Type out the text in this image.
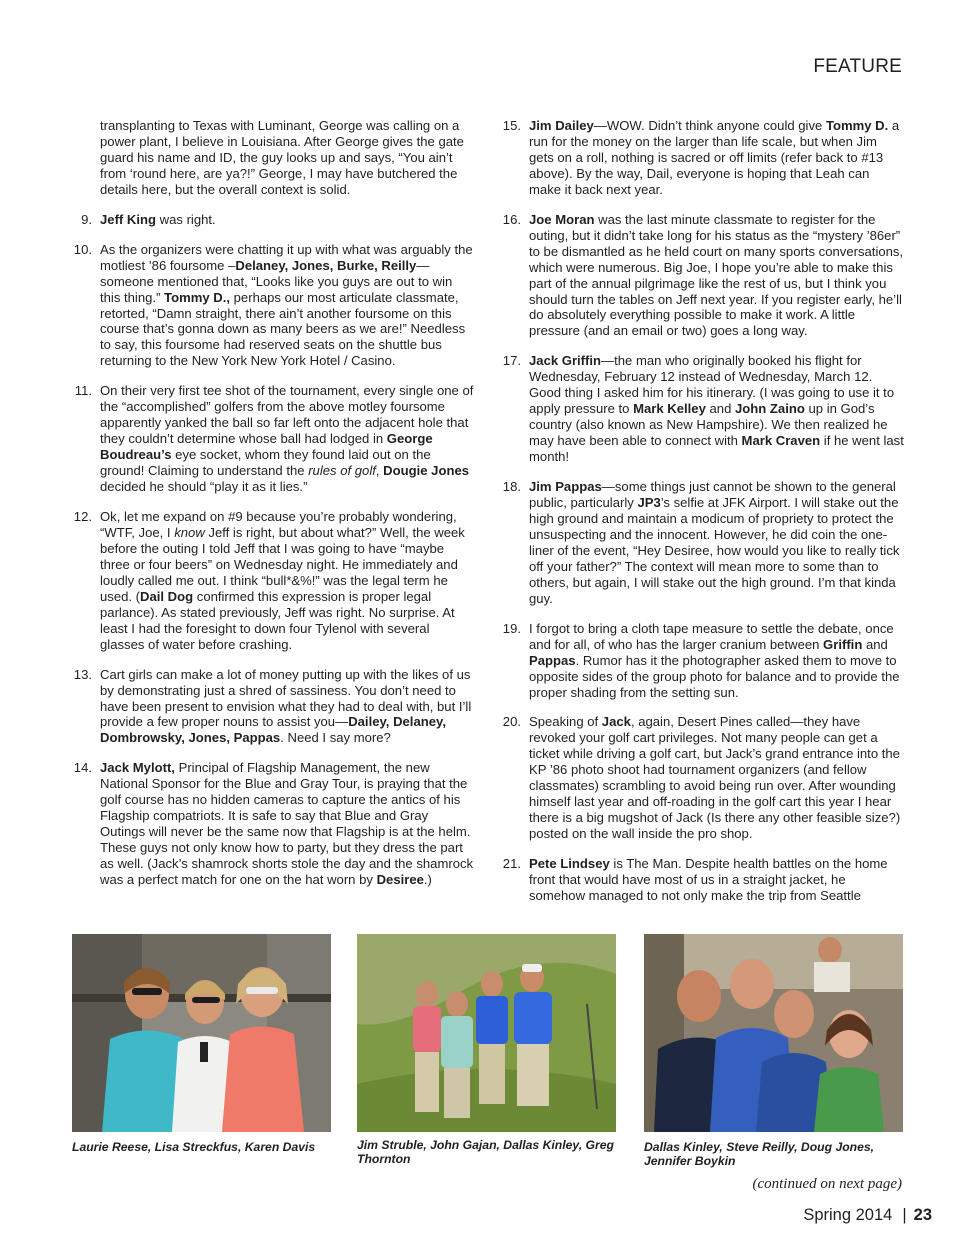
FEATURE

transplanting to Texas with Luminant, George was calling on a power plant, I believe in Louisiana. After George gives the gate guard his name and ID, the guy looks up and says, “You ain’t from ‘round here, are ya?!” George, I may have butchered the details here, but the overall context is solid.

9. Jeff King was right.
10. As the organizers were chatting it up with what was arguably the motliest ’86 foursome –Delaney, Jones, Burke, Reilly—someone mentioned that, “Looks like you guys are out to win this thing.” Tommy D., perhaps our most articulate classmate, retorted, “Damn straight, there ain’t another foursome on this course that’s gonna down as many beers as we are!” Needless to say, this foursome had reserved seats on the shuttle bus returning to the New York New York Hotel / Casino.
11. On their very first tee shot of the tournament, every single one of the “accomplished” golfers from the above motley foursome apparently yanked the ball so far left onto the adjacent hole that they couldn’t determine whose ball had lodged in George Boudreau’s eye socket, whom they found laid out on the ground! Claiming to understand the rules of golf, Dougie Jones decided he should “play it as it lies.”
12. Ok, let me expand on #9 because you’re probably wondering, “WTF, Joe, I know Jeff is right, but about what?” Well, the week before the outing I told Jeff that I was going to have “maybe three or four beers” on Wednesday night. He immediately and loudly called me out. I think “bull*&%!” was the legal term he used. (Dail Dog confirmed this expression is proper legal parlance). As stated previously, Jeff was right. No surprise. At least I had the foresight to down four Tylenol with several glasses of water before crashing.
13. Cart girls can make a lot of money putting up with the likes of us by demonstrating just a shred of sassiness. You don’t need to have been present to envision what they had to deal with, but I’ll provide a few proper nouns to assist you—Dailey, Delaney, Dombrowsky, Jones, Pappas. Need I say more?
14. Jack Mylott, Principal of Flagship Management, the new National Sponsor for the Blue and Gray Tour, is praying that the golf course has no hidden cameras to capture the antics of his Flagship compatriots. It is safe to say that Blue and Gray Outings will never be the same now that Flagship is at the helm. These guys not only know how to party, but they dress the part as well. (Jack’s shamrock shorts stole the day and the shamrock was a perfect match for one on the hat worn by Desiree.)
15. Jim Dailey—WOW. Didn’t think anyone could give Tommy D. a run for the money on the larger than life scale, but when Jim gets on a roll, nothing is sacred or off limits (refer back to #13 above). By the way, Dail, everyone is hoping that Leah can make it back next year.
16. Joe Moran was the last minute classmate to register for the outing, but it didn’t take long for his status as the “mystery ’86er” to be dismantled as he held court on many sports conversations, which were numerous. Big Joe, I hope you’re able to make this part of the annual pilgrimage like the rest of us, but I think you should turn the tables on Jeff next year. If you register early, he’ll do absolutely everything possible to make it work. A little pressure (and an email or two) goes a long way.
17. Jack Griffin—the man who originally booked his flight for Wednesday, February 12 instead of Wednesday, March 12. Good thing I asked him for his itinerary. (I was going to use it to apply pressure to Mark Kelley and John Zaino up in God’s country (also known as New Hampshire). We then realized he may have been able to connect with Mark Craven if he went last month!
18. Jim Pappas—some things just cannot be shown to the general public, particularly JP3’s selfie at JFK Airport. I will stake out the high ground and maintain a modicum of propriety to protect the unsuspecting and the innocent. However, he did coin the one-liner of the event, “Hey Desiree, how would you like to really tick off your father?” The context will mean more to some than to others, but again, I will stake out the high ground. I’m that kinda guy.
19. I forgot to bring a cloth tape measure to settle the debate, once and for all, of who has the larger cranium between Griffin and Pappas. Rumor has it the photographer asked them to move to opposite sides of the group photo for balance and to provide the proper shading from the setting sun.
20. Speaking of Jack, again, Desert Pines called—they have revoked your golf cart privileges. Not many people can get a ticket while driving a golf cart, but Jack’s grand entrance into the KP ’86 photo shoot had tournament organizers (and fellow classmates) scrambling to avoid being run over. After wounding himself last year and off-roading in the golf cart this year I hear there is a big mugshot of Jack (Is there any other feasible size?) posted on the wall inside the pro shop.
21. Pete Lindsey is The Man. Despite health battles on the home front that would have most of us in a straight jacket, he somehow managed to not only make the trip from Seattle
Laurie Reese, Lisa Streckfus, Karen Davis	Jim Struble, John Gajan, Dallas Kinley, Greg Thornton
Dallas Kinley, Steve Reilly, Doug Jones, Jennifer Boykin
(continued on next page)
Spring 2014 | 23
